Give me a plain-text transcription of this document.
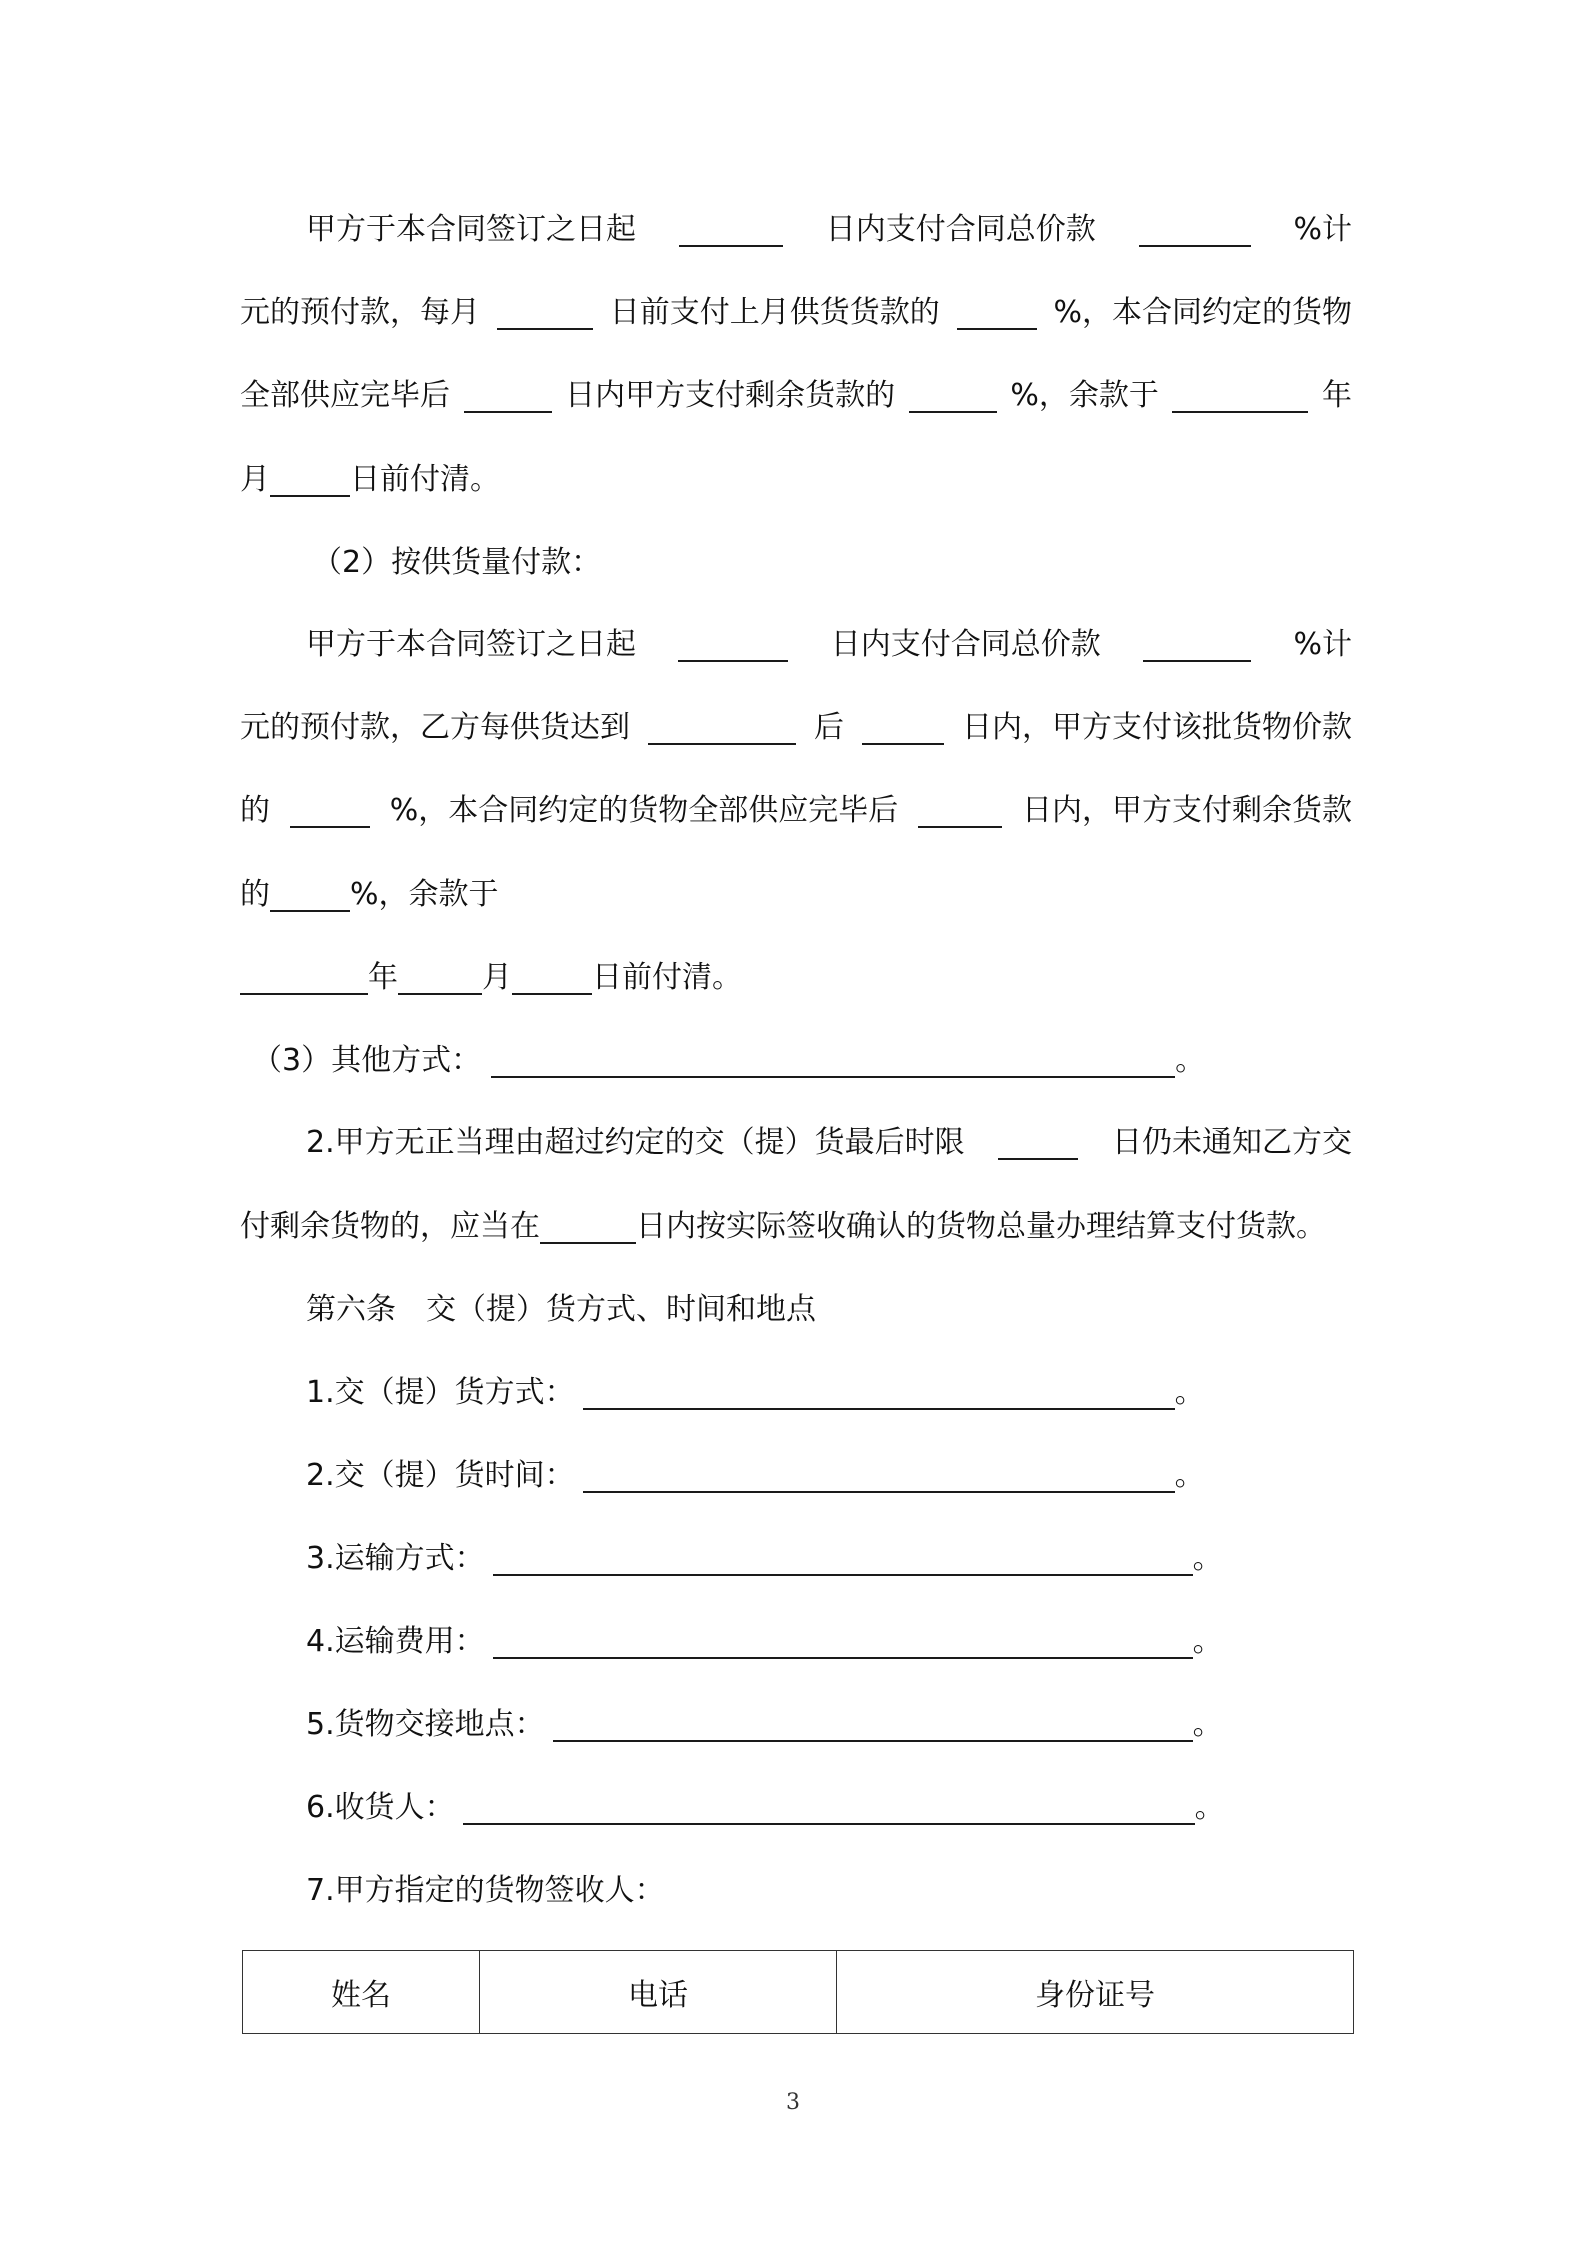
甲方于本合同签订之日起	日内支付合同总价款	%计
元的预付款，每月	日前支付上月供货货款的	%，本合同约定的货物
全部供应完毕后	日内甲方支付剩余货款的	%，余款于	年
月	日前付清。
（2）按供货量付款：
甲方于本合同签订之日起	日内支付合同总价款	%计
元的预付款，乙方每供货达到	后	日内，甲方支付该批货物价款
的	%，本合同约定的货物全部供应完毕后	日内，甲方支付剩余货款
的	%，余款于
年	月	日前付清。
（3）其他方式：	。
2.甲方无正当理由超过约定的交（提）货最后时限	日仍未通知乙方交
付剩余货物的，应当在	日内按实际签收确认的货物总量办理结算支付货款。
第六条　交（提）货方式、时间和地点
1.交（提）货方式：	。
2.交（提）货时间：	。
3.运输方式：	。
4.运输费用：	。
5.货物交接地点：	。
6.收货人：	。
7.甲方指定的货物签收人：
姓名	电话	身份证号
3
